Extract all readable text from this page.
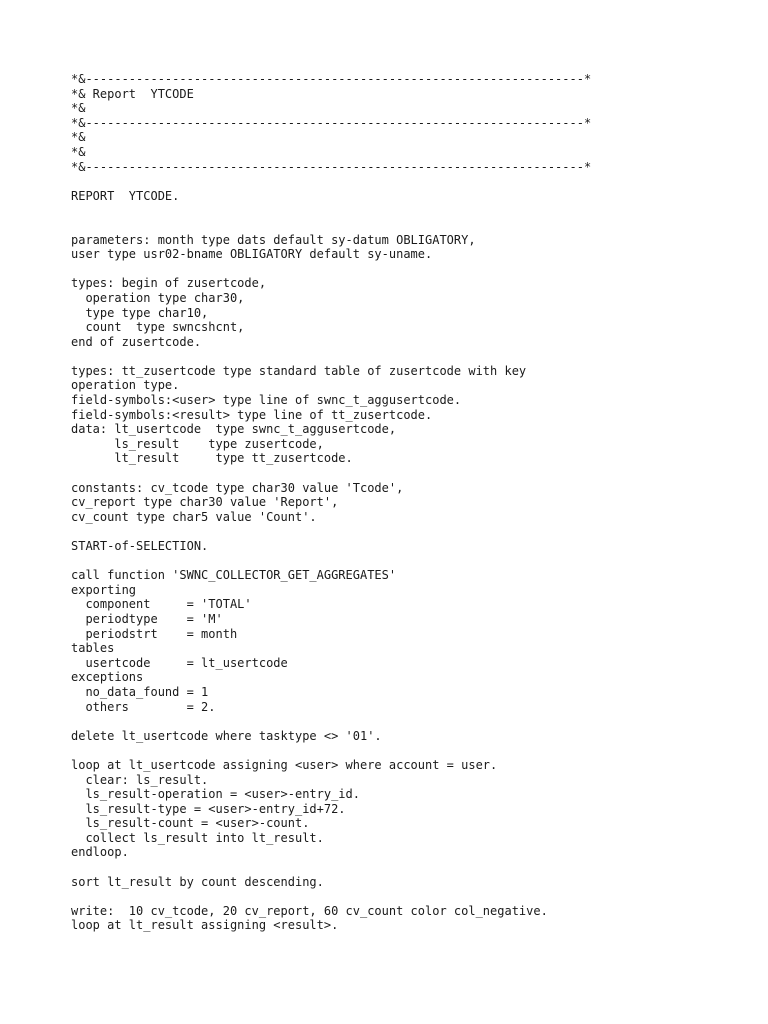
*&---------------------------------------------------------------------*
*& Report  YTCODE
*&
*&---------------------------------------------------------------------*
*&
*&
*&---------------------------------------------------------------------*
REPORT  YTCODE.
parameters: month type dats default sy-datum OBLIGATORY,
user type usr02-bname OBLIGATORY default sy-uname.
types: begin of zusertcode,
operation type char30,
type type char10,
count  type swncshcnt,
end of zusertcode.
types: tt_zusertcode type standard table of zusertcode with key
operation type.
field-symbols:<user> type line of swnc_t_aggusertcode.
field-symbols:<result> type line of tt_zusertcode.
data: lt_usertcode  type swnc_t_aggusertcode,
ls_result    type zusertcode,
lt_result     type tt_zusertcode.
constants: cv_tcode type char30 value 'Tcode',
cv_report type char30 value 'Report',
cv_count type char5 value 'Count'.
START-of-SELECTION.
call function 'SWNC_COLLECTOR_GET_AGGREGATES'
exporting
component     = 'TOTAL'
periodtype    = 'M'
periodstrt    = month
tables
usertcode     = lt_usertcode
exceptions
no_data_found = 1
others        = 2.
delete lt_usertcode where tasktype <> '01'.
loop at lt_usertcode assigning <user> where account = user.
clear: ls_result.
ls_result-operation = <user>-entry_id.
ls_result-type = <user>-entry_id+72.
ls_result-count = <user>-count.
collect ls_result into lt_result.
endloop.
sort lt_result by count descending.
write:  10 cv_tcode, 20 cv_report, 60 cv_count color col_negative.
loop at lt_result assigning <result>.
